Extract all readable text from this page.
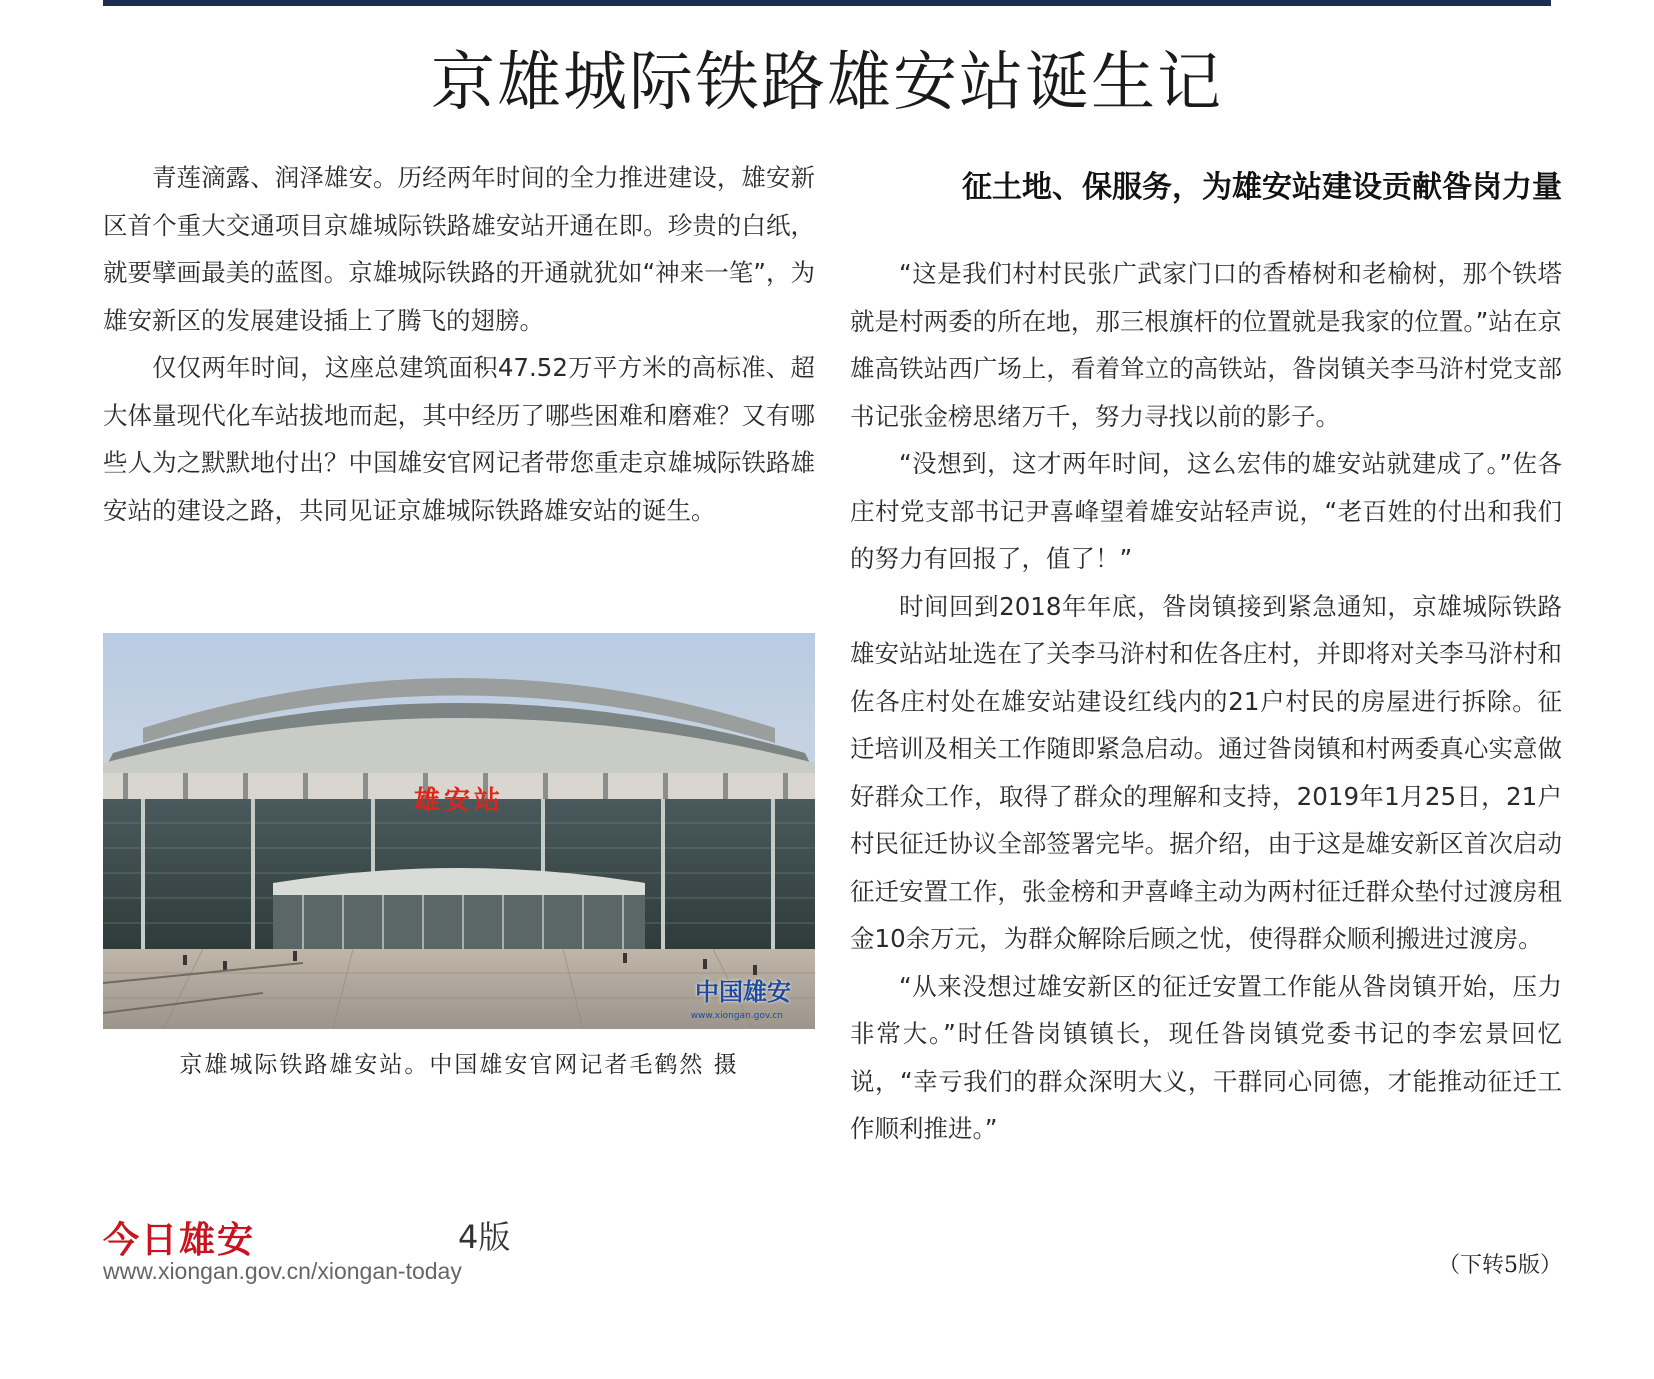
京雄城际铁路雄安站诞生记

青莲滴露、润泽雄安。历经两年时间的全力推进建设，雄安新区首个重大交通项目京雄城际铁路雄安站开通在即。珍贵的白纸，就要擘画最美的蓝图。京雄城际铁路的开通就犹如“神来一笔”，为雄安新区的发展建设插上了腾飞的翅膀。

仅仅两年时间，这座总建筑面积47.52万平方米的高标准、超大体量现代化车站拔地而起，其中经历了哪些困难和磨难？又有哪些人为之默默地付出？中国雄安官网记者带您重走京雄城际铁路雄安站的建设之路，共同见证京雄城际铁路雄安站的诞生。

雄安站
中国雄安
www.xiongan.gov.cn
京雄城际铁路雄安站。中国雄安官网记者毛鹤然 摄
征土地、保服务，为雄安站建设贡献昝岗力量

“这是我们村村民张广武家门口的香椿树和老榆树，那个铁塔就是村两委的所在地，那三根旗杆的位置就是我家的位置。”站在京雄高铁站西广场上，看着耸立的高铁站，昝岗镇关李马浒村党支部书记张金榜思绪万千，努力寻找以前的影子。

“没想到，这才两年时间，这么宏伟的雄安站就建成了。”佐各庄村党支部书记尹喜峰望着雄安站轻声说，“老百姓的付出和我们的努力有回报了，值了！”

时间回到2018年年底，昝岗镇接到紧急通知，京雄城际铁路雄安站站址选在了关李马浒村和佐各庄村，并即将对关李马浒村和佐各庄村处在雄安站建设红线内的21户村民的房屋进行拆除。征迁培训及相关工作随即紧急启动。通过昝岗镇和村两委真心实意做好群众工作，取得了群众的理解和支持，2019年1月25日，21户村民征迁协议全部签署完毕。据介绍，由于这是雄安新区首次启动征迁安置工作，张金榜和尹喜峰主动为两村征迁群众垫付过渡房租金10余万元，为群众解除后顾之忧，使得群众顺利搬进过渡房。

“从来没想过雄安新区的征迁安置工作能从昝岗镇开始，压力非常大。”时任昝岗镇镇长，现任昝岗镇党委书记的李宏景回忆说，“幸亏我们的群众深明大义，干群同心同德，才能推动征迁工作顺利推进。”

今日雄安	4版
www.xiongan.gov.cn/xiongan-today	（下转5版）
